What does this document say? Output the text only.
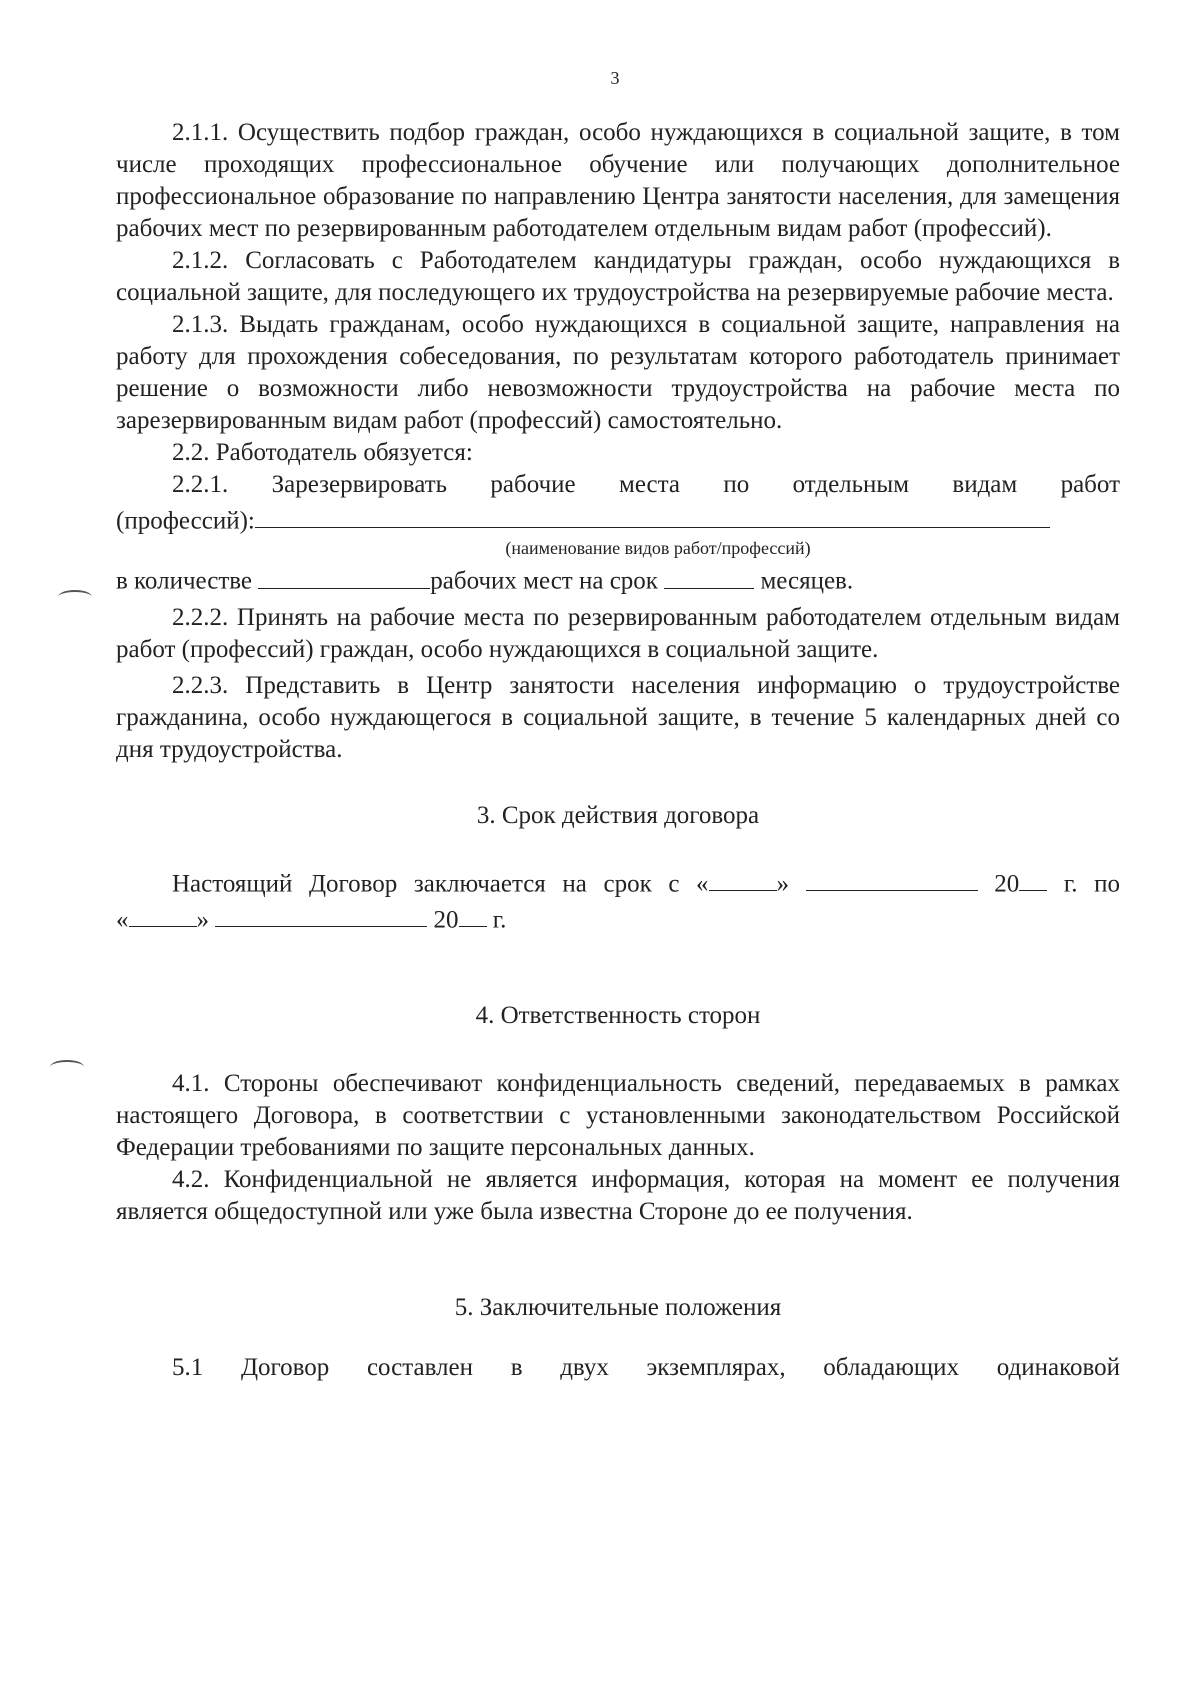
3

2.1.1. Осуществить подбор граждан, особо нуждающихся в социальной защите, в том числе проходящих профессиональное обучение или получающих дополнительное профессиональное образование по направлению Центра занятости населения, для замещения рабочих мест по резервированным работодателем отдельным видам работ (профессий).

2.1.2. Согласовать с Работодателем кандидатуры граждан, особо нуждающихся в социальной защите, для последующего их трудоустройства на резервируемые рабочие места.

2.1.3. Выдать гражданам, особо нуждающихся в социальной защите, направления на работу для прохождения собеседования, по результатам которого работодатель принимает решение о возможности либо невозможности трудоустройства на рабочие места по зарезервированным видам работ (профессий) самостоятельно.

2.2. Работодатель обязуется:

2.2.1. Зарезервировать рабочие места по отдельным видам работ

(профессий):
(наименование видов работ/профессий)
в количестве	рабочих мест на срок	месяцев.

2.2.2. Принять на рабочие места по резервированным работодателем отдельным видам работ (профессий) граждан, особо нуждающихся в социальной защите.

2.2.3. Представить в Центр занятости населения информацию о трудоустройстве гражданина, особо нуждающегося в социальной защите, в течение 5 календарных дней со дня трудоустройства.

3. Срок действия договора

Настоящий Договор заключается на срок с «	»	20 г. по

«	»	20 г.

4. Ответственность сторон

4.1. Стороны обеспечивают конфиденциальность сведений, передаваемых в рамках настоящего Договора, в соответствии с установленными законодательством Российской Федерации требованиями по защите персональных данных.

4.2. Конфиденциальной не является информация, которая на момент ее получения является общедоступной или уже была известна Стороне до ее получения.

5. Заключительные положения

5.1 Договор составлен в двух экземплярах, обладающих одинаковой
